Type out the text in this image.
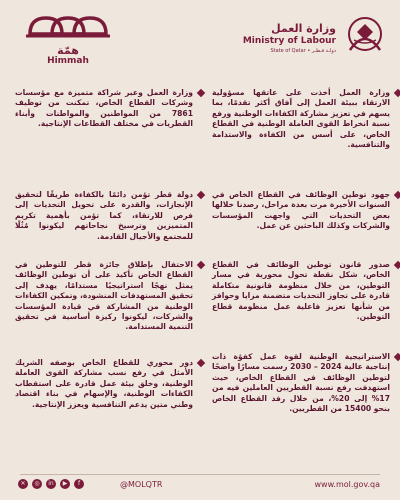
همّة
Himmah
وزارة العمل
Ministry of Labour
State of Qatar • دولـة قـطـر
وزارة العمل أخذت على عاتقها مسؤولية الارتقاء ببيئة العمل إلى آفاق أكثر تقدمًا، بما يسهم في تعزيز مشاركة الكفاءات الوطنية ورفع نسبة انخراط القوى العاملة الوطنية في القطاع الخاص، على أسس من الكفاءة والاستدامة والتنافسية.
وزارة العمل وعبر شراكة متميزة مع مؤسسات وشركات القطاع الخاص، تمكنت من توظيف 7861 من المواطنين والمواطنات وأبناء القطريات في مختلف القطاعات الإنتاجية.
جهود توطين الوظائف في القطاع الخاص في السنوات الأخيرة مرت بعدة مراحل، رصدنا خلالها بعض التحديات التي واجهت المؤسسات والشركات وكذلك الباحثين عن عمل.
دولة قطر تؤمن دائمًا بالكفاءة طريقًا لتحقيق الإنجازات، والقدرة على تحويل التحديات إلى فرص للارتقاء، كما تؤمن بأهمية تكريم المتميزين وترسيخ نجاحاتهم ليكونوا مُثُلًا للمجتمع والأجيال القادمة.
صدور قانون توطين الوظائف في القطاع الخاص، شكل نقطة تحول محورية في مسار التوطين، من خلال منظومة قانونية متكاملة قادرة على تجاوز التحديات متضمنة مزايا وحوافز من شأنها تعزيز فاعلية عمل منظومة قطاع التوطين.
الاحتفال بإطلاق جائزة قطر للتوطين في القطاع الخاص تأكيد على أن توطين الوظائف يمثل نهجًا استراتيجيًا مستدامًا، يهدف إلى تحقيق المستهدفات المنشودة، وتمكين الكفاءات الوطنية من المشاركة في قيادة المؤسسات والشركات، ليكونوا ركيزة أساسية في تحقيق التنمية المستدامة.
الاستراتيجية الوطنية لقوة عمل كفؤة ذات إنتاجية عالية 2024 – 2030 رسمت مسارًا واضحًا لتوطين الوظائف في القطاع الخاص، حيث استهدفت رفع نسبة القطريين العاملين فيه من 17% إلى 20%، من خلال رفد القطاع الخاص بنحو 15400 من القطريين.
دور محوري للقطاع الخاص بوصفه الشريك الأمثل في رفع نسب مشاركة القوى العاملة الوطنية، وخلق بيئة عمل قادرة على استقطاب الكفاءات الوطنية، والإسهام في بناء اقتصاد وطني متين يدعم التنافسية ويعزز الإنتاجية.
✕	◎	in	▶	f	@MOLQTR	www.mol.gov.qa
